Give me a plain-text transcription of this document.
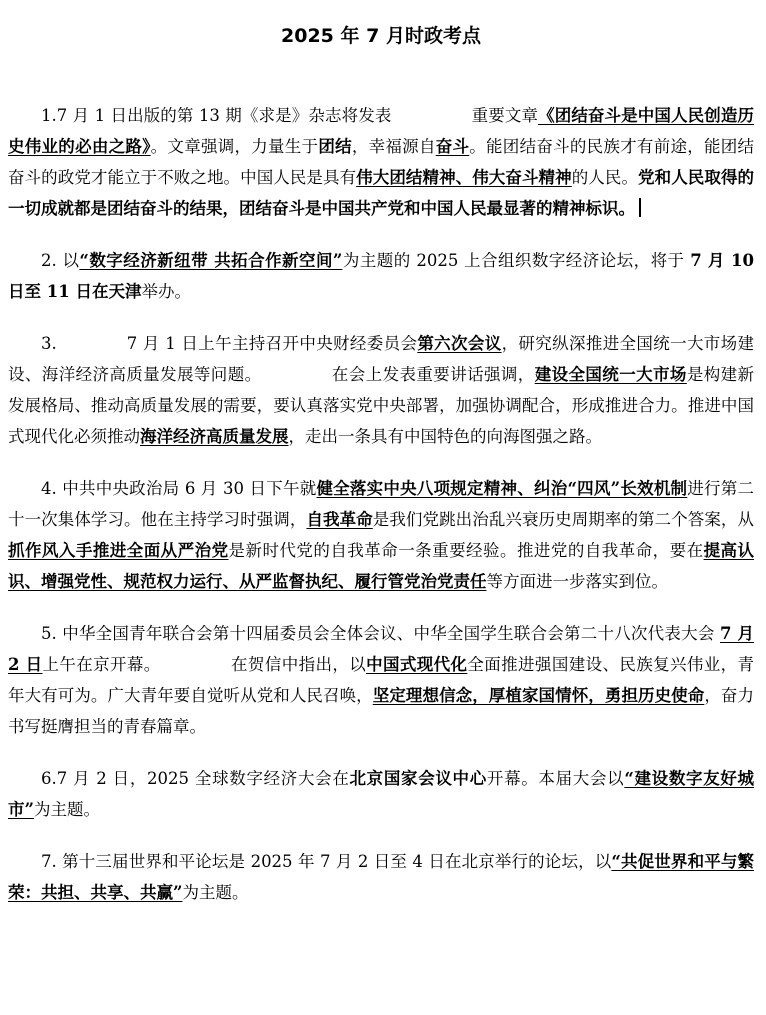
2025 年 7 月时政考点

1.7 月 1 日出版的第 13 期《求是》杂志将发表	重要文章《团结奋斗是中国人民创造历史伟业的必由之路》。文章强调，力量生于团结，幸福源自奋斗。能团结奋斗的民族才有前途，能团结奋斗的政党才能立于不败之地。中国人民是具有伟大团结精神、伟大奋斗精神的人民。党和人民取得的一切成就都是团结奋斗的结果，团结奋斗是中国共产党和中国人民最显著的精神标识。

2. 以“数字经济新纽带 共拓合作新空间”为主题的 2025 上合组织数字经济论坛，将于 7 月 10 日至 11 日在天津举办。

3.	7 月 1 日上午主持召开中央财经委员会第六次会议，研究纵深推进全国统一大市场建设、海洋经济高质量发展等问题。	在会上发表重要讲话强调，建设全国统一大市场是构建新发展格局、推动高质量发展的需要，要认真落实党中央部署，加强协调配合，形成推进合力。推进中国式现代化必须推动海洋经济高质量发展，走出一条具有中国特色的向海图强之路。

4. 中共中央政治局 6 月 30 日下午就健全落实中央八项规定精神、纠治“四风”长效机制进行第二十一次集体学习。他在主持学习时强调，自我革命是我们党跳出治乱兴衰历史周期率的第二个答案，从抓作风入手推进全面从严治党是新时代党的自我革命一条重要经验。推进党的自我革命，要在提高认识、增强党性、规范权力运行、从严监督执纪、履行管党治党责任等方面进一步落实到位。

5. 中华全国青年联合会第十四届委员会全体会议、中华全国学生联合会第二十八次代表大会 7 月 2 日上午在京开幕。	在贺信中指出，以中国式现代化全面推进强国建设、民族复兴伟业，青年大有可为。广大青年要自觉听从党和人民召唤，坚定理想信念，厚植家国情怀，勇担历史使命，奋力书写挺膺担当的青春篇章。

6.7 月 2 日，2025 全球数字经济大会在北京国家会议中心开幕。本届大会以“建设数字友好城市”为主题。

7. 第十三届世界和平论坛是 2025 年 7 月 2 日至 4 日在北京举行的论坛，以“共促世界和平与繁荣：共担、共享、共赢”为主题。
